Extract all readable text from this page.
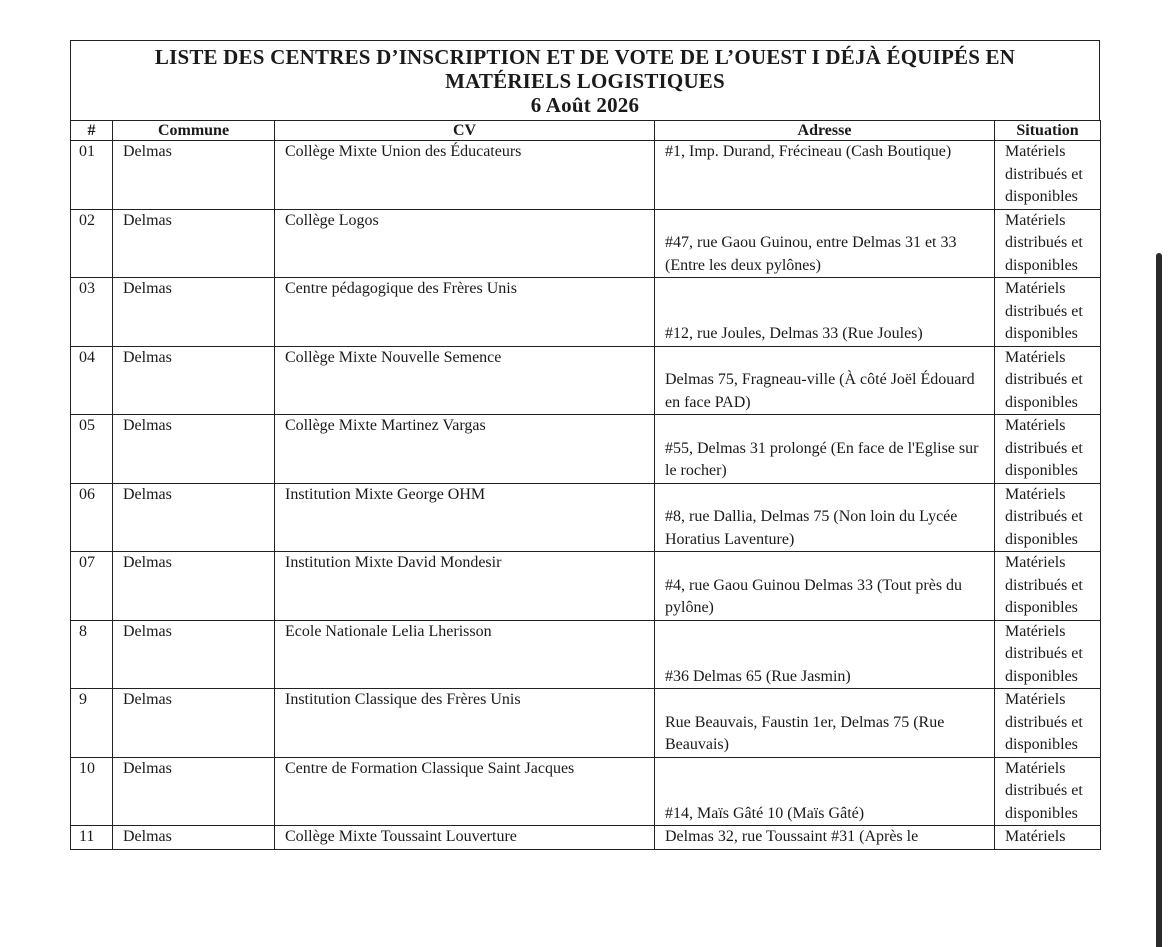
LISTE DES CENTRES D’INSCRIPTION ET DE VOTE DE L’OUEST I DÉJÀ ÉQUIPÉS EN
MATÉRIELS LOGISTIQUES
6 Août 2026
#	Commune	CV	Adresse	Situation
01	Delmas	Collège Mixte Union des Éducateurs	#1, Imp. Durand, Frécineau (Cash Boutique)	Matériels distribués et disponibles
02	Delmas	Collège Logos	#47, rue Gaou Guinou, entre Delmas 31 et 33 (Entre les deux pylônes)	Matériels distribués et disponibles
03	Delmas	Centre pédagogique des Frères Unis	#12, rue Joules, Delmas 33 (Rue Joules)	Matériels distribués et disponibles
04	Delmas	Collège Mixte Nouvelle Semence	Delmas 75, Fragneau-ville (À côté Joël Édouard en face PAD)	Matériels distribués et disponibles
05	Delmas	Collège Mixte Martinez Vargas	#55, Delmas 31 prolongé (En face de l'Eglise sur le rocher)	Matériels distribués et disponibles
06	Delmas	Institution Mixte George OHM	#8, rue Dallia, Delmas 75 (Non loin du Lycée Horatius Laventure)	Matériels distribués et disponibles
07	Delmas	Institution Mixte David Mondesir	#4, rue Gaou Guinou Delmas 33 (Tout près du pylône)	Matériels distribués et disponibles
8	Delmas	Ecole Nationale Lelia Lherisson	#36 Delmas 65 (Rue Jasmin)	Matériels distribués et disponibles
9	Delmas	Institution Classique des Frères Unis	Rue Beauvais, Faustin 1er, Delmas 75 (Rue Beauvais)	Matériels distribués et disponibles
10	Delmas	Centre de Formation Classique Saint Jacques	#14, Maïs Gâté 10 (Maïs Gâté)	Matériels distribués et disponibles
11	Delmas	Collège Mixte Toussaint Louverture	Delmas 32, rue Toussaint #31 (Après le	Matériels
